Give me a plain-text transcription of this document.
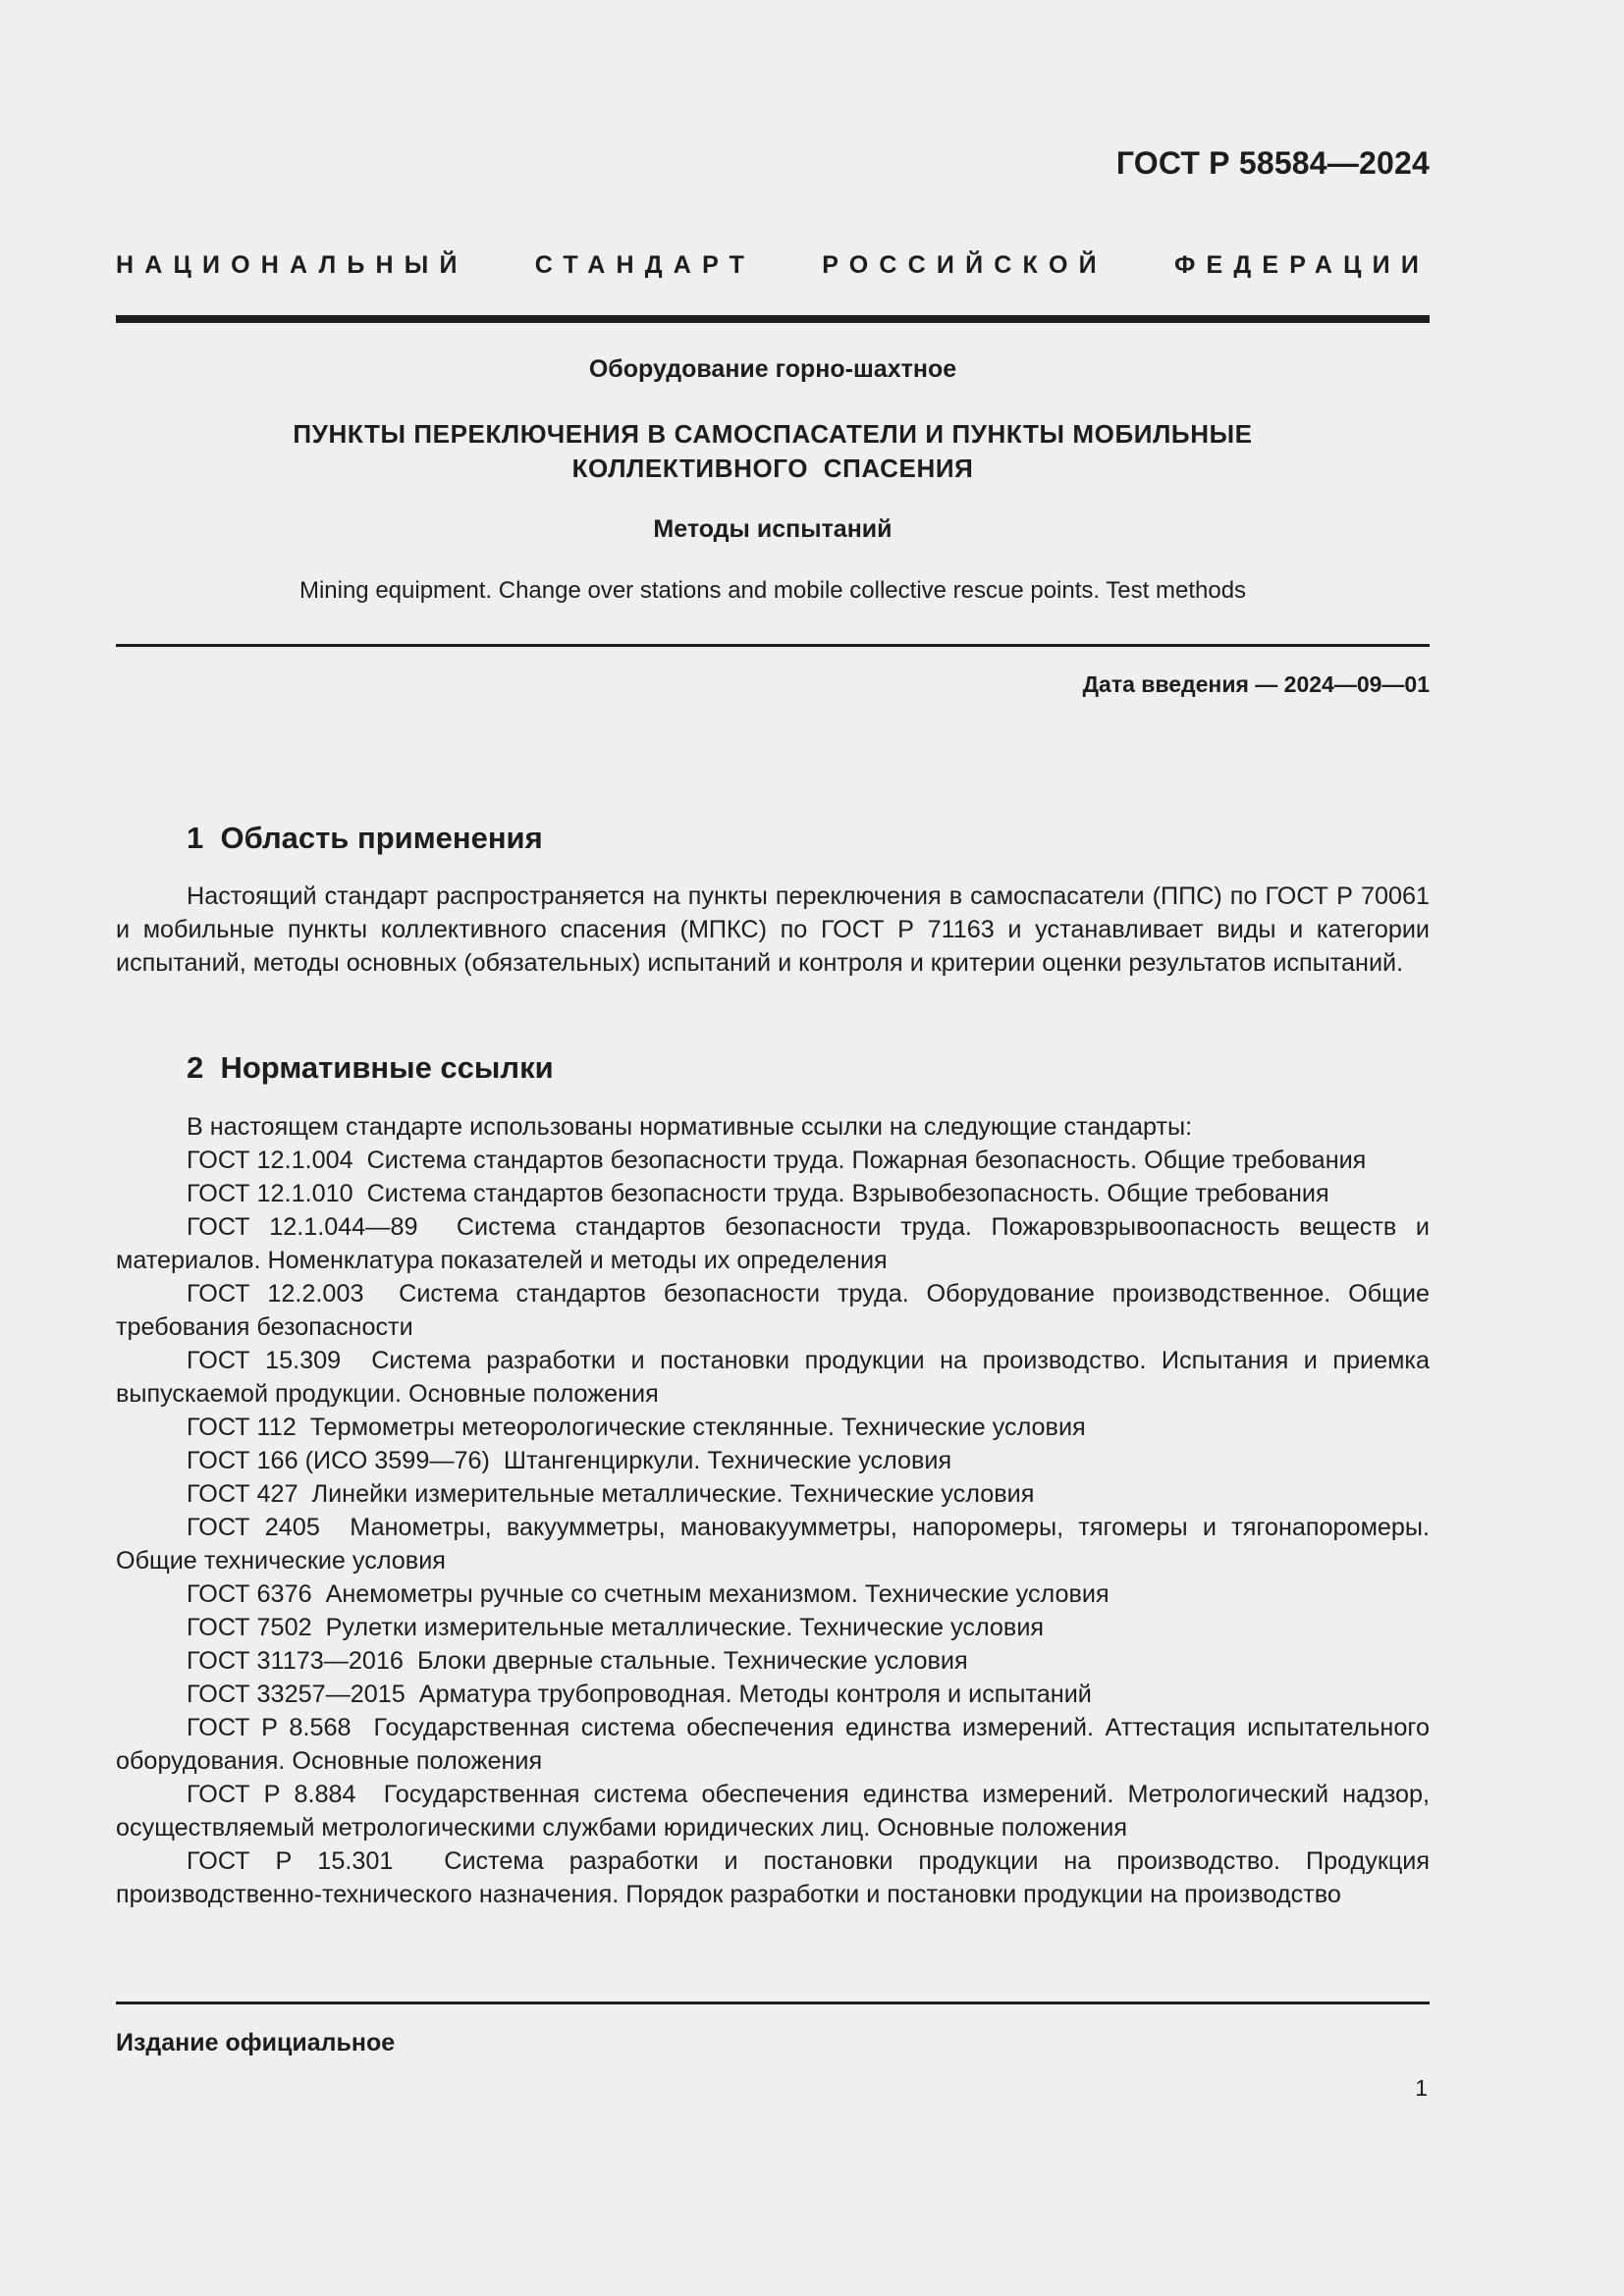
ГОСТ Р 58584—2024
НАЦИОНАЛЬНЫЙ СТАНДАРТ РОССИЙСКОЙ ФЕДЕРАЦИИ
Оборудование горно-шахтное
ПУНКТЫ ПЕРЕКЛЮЧЕНИЯ В САМОСПАСАТЕЛИ И ПУНКТЫ МОБИЛЬНЫЕ
КОЛЛЕКТИВНОГО  СПАСЕНИЯ
Методы испытаний
Mining equipment. Change over stations and mobile collective rescue points. Test methods
Дата введения — 2024—09—01
1  Область применения

Настоящий стандарт распространяется на пункты переключения в самоспасатели (ППС) по ГОСТ Р 70061 и мобильные пункты коллективного спасения (МПКС) по ГОСТ Р 71163 и устанавливает виды и категории испытаний, методы основных (обязательных) испытаний и контроля и критерии оценки результатов испытаний.

2  Нормативные ссылки

В настоящем стандарте использованы нормативные ссылки на следующие стандарты:

ГОСТ 12.1.004  Система стандартов безопасности труда. Пожарная безопасность. Общие требования

ГОСТ 12.1.010  Система стандартов безопасности труда. Взрывобезопасность. Общие требования

ГОСТ 12.1.044—89  Система стандартов безопасности труда. Пожаровзрывоопасность веществ и материалов. Номенклатура показателей и методы их определения

ГОСТ 12.2.003  Система стандартов безопасности труда. Оборудование производственное. Общие требования безопасности

ГОСТ 15.309  Система разработки и постановки продукции на производство. Испытания и приемка выпускаемой продукции. Основные положения

ГОСТ 112  Термометры метеорологические стеклянные. Технические условия

ГОСТ 166 (ИСО 3599—76)  Штангенциркули. Технические условия

ГОСТ 427  Линейки измерительные металлические. Технические условия

ГОСТ 2405  Манометры, вакуумметры, мановакуумметры, напоромеры, тягомеры и тягонапоромеры. Общие технические условия

ГОСТ 6376  Анемометры ручные со счетным механизмом. Технические условия

ГОСТ 7502  Рулетки измерительные металлические. Технические условия

ГОСТ 31173—2016  Блоки дверные стальные. Технические условия

ГОСТ 33257—2015  Арматура трубопроводная. Методы контроля и испытаний

ГОСТ Р 8.568  Государственная система обеспечения единства измерений. Аттестация испытательного оборудования. Основные положения

ГОСТ Р 8.884  Государственная система обеспечения единства измерений. Метрологический надзор, осуществляемый метрологическими службами юридических лиц. Основные положения

ГОСТ Р 15.301  Система разработки и постановки продукции на производство. Продукция производственно-технического назначения. Порядок разработки и постановки продукции на производство

Издание официальное
1
